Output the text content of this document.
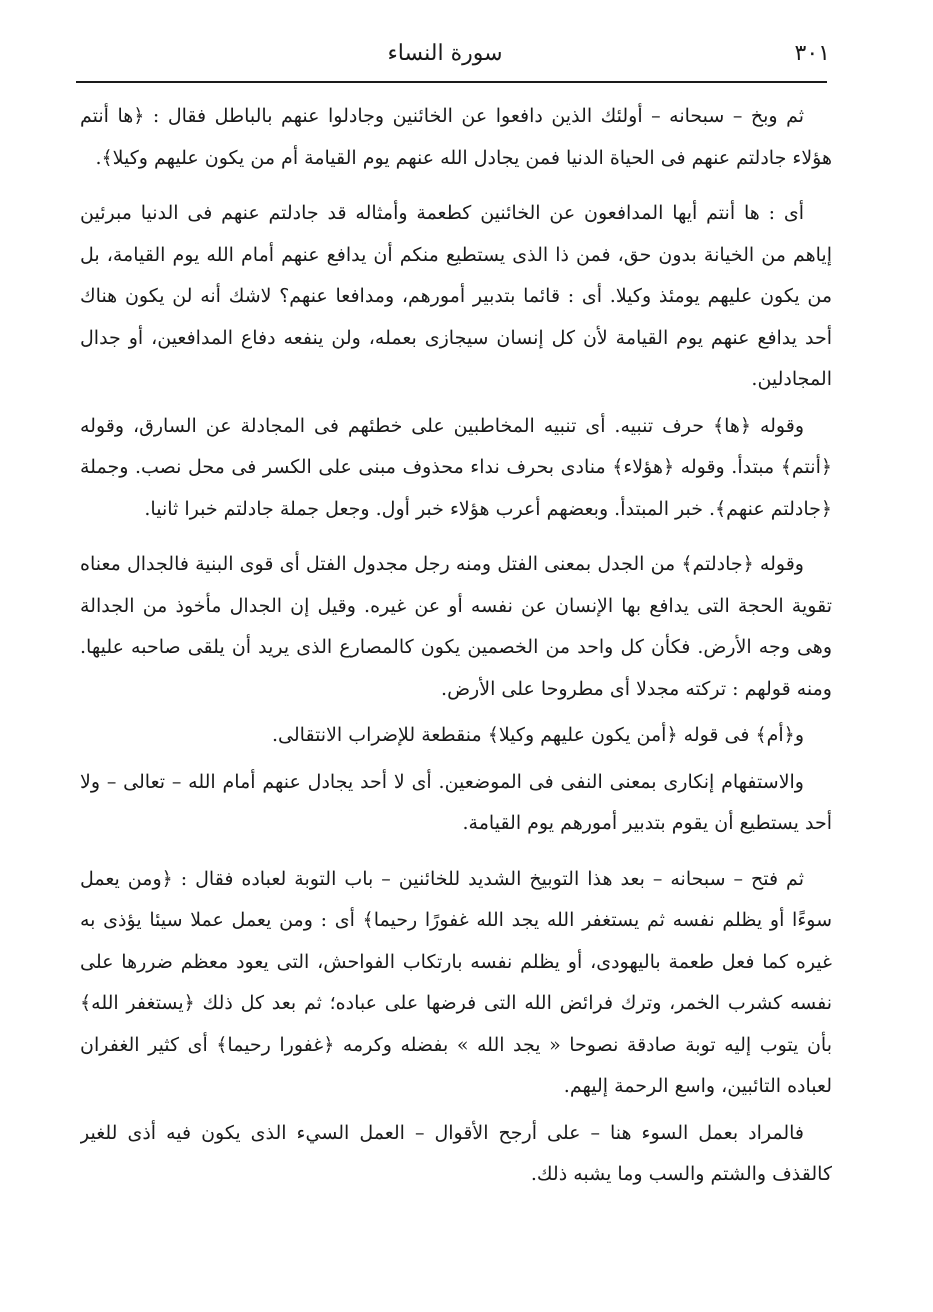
٣٠١
سورة النساء

ثم وبخ – سبحانه – أولئك الذين دافعوا عن الخائنين وجادلوا عنهم بالباطل فقال : ﴿ها أنتم هؤلاء جادلتم عنهم فى الحياة الدنيا فمن يجادل الله عنهم يوم القيامة أم من يكون عليهم وكيلا﴾.

أى : ها أنتم أيها المدافعون عن الخائنين كطعمة وأمثاله قد جادلتم عنهم فى الدنيا مبرئين إياهم من الخيانة بدون حق، فمن ذا الذى يستطيع منكم أن يدافع عنهم أمام الله يوم القيامة، بل من يكون عليهم يومئذ وكيلا. أى : قائما بتدبير أمورهم، ومدافعا عنهم؟ لاشك أنه لن يكون هناك أحد يدافع عنهم يوم القيامة لأن كل إنسان سيجازى بعمله، ولن ينفعه دفاع المدافعين، أو جدال المجادلين.

وقوله ﴿ها﴾ حرف تنبيه. أى تنبيه المخاطبين على خطئهم فى المجادلة عن السارق، وقوله ﴿أنتم﴾ مبتدأ. وقوله ﴿هؤلاء﴾ منادى بحرف نداء محذوف مبنى على الكسر فى محل نصب. وجملة ﴿جادلتم عنهم﴾. خبر المبتدأ. وبعضهم أعرب هؤلاء خبر أول. وجعل جملة جادلتم خبرا ثانيا.

وقوله ﴿جادلتم﴾ من الجدل بمعنى الفتل ومنه رجل مجدول الفتل أى قوى البنية فالجدال معناه تقوية الحجة التى يدافع بها الإنسان عن نفسه أو عن غيره. وقيل إن الجدال مأخوذ من الجدالة وهى وجه الأرض. فكأن كل واحد من الخصمين يكون كالمصارع الذى يريد أن يلقى صاحبه عليها. ومنه قولهم : تركته مجدلا أى مطروحا على الأرض.

و﴿أم﴾ فى قوله ﴿أمن يكون عليهم وكيلا﴾ منقطعة للإضراب الانتقالى.

والاستفهام إنكارى بمعنى النفى فى الموضعين. أى لا أحد يجادل عنهم أمام الله – تعالى – ولا أحد يستطيع أن يقوم بتدبير أمورهم يوم القيامة.

ثم فتح – سبحانه – بعد هذا التوبيخ الشديد للخائنين – باب التوبة لعباده فقال : ﴿ومن يعمل سوءًا أو يظلم نفسه ثم يستغفر الله يجد الله غفورًا رحيما﴾ أى : ومن يعمل عملا سيئا يؤذى به غيره كما فعل طعمة باليهودى، أو يظلم نفسه بارتكاب الفواحش، التى يعود معظم ضررها على نفسه كشرب الخمر، وترك فرائض الله التى فرضها على عباده؛ ثم بعد كل ذلك ﴿يستغفر الله﴾ بأن يتوب إليه توبة صادقة نصوحا « يجد الله » بفضله وكرمه ﴿غفورا رحيما﴾ أى كثير الغفران لعباده التائبين، واسع الرحمة إليهم.

فالمراد بعمل السوء هنا – على أرجح الأقوال – العمل السيء الذى يكون فيه أذى للغير كالقذف والشتم والسب وما يشبه ذلك.
